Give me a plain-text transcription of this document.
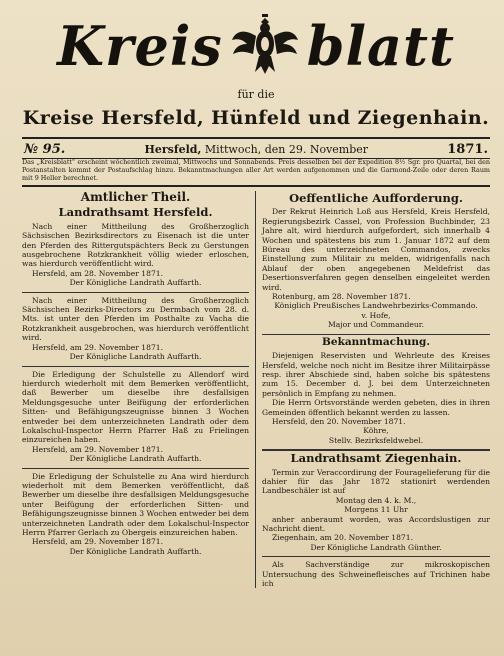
Kreis blatt
für die
Kreise Hersfeld, Hünfeld und Ziegenhain.
№ 95.	Hersfeld, Mittwoch, den 29. November	1871.
Das „Kreisblatt" erscheint wöchentlich zweimal, Mittwochs und Sonnabends. Preis desselben bei der Expedition 8½ Sgr. pro Quartal, bei den Postanstalten kommt der Postaufschlag hinzu. Bekanntmachungen aller Art werden aufgenommen und die Garmond-Zeile oder deren Raum mit 9 Heller berechnet.
Amtlicher Theil.
Landrathsamt Hersfeld.

Nach einer Mittheilung des Großherzoglich Sächsischen Bezirksdirectors zu Eisenach ist die unter den Pferden des Rittergutspächters Beck zu Gerstungen ausgebrochene Rotzkrankheit völlig wieder erloschen, was hierdurch veröffentlicht wird.

Hersfeld, am 28. November 1871.

Der Königliche Landrath Auffarth.

Nach einer Mittheilung des Großherzoglich Sächsischen Bezirks-Directors zu Dermbach vom 28. d. Mts. ist unter den Pferden im Posthalte zu Vacha die Rotzkrankheit ausgebrochen, was hierdurch veröffentlicht wird.

Hersfeld, am 29. November 1871.

Der Königliche Landrath Auffarth.

Die Erledigung der Schulstelle zu Allendorf wird hierdurch wiederholt mit dem Bemerken veröffentlicht, daß Bewerber um dieselbe ihre desfallsigen Meldungsgesuche unter Beifügung der erforderlichen Sitten- und Befähigungszeugnisse binnen 3 Wochen entweder bei dem unterzeichneten Landrath oder dem Lokalschul-Inspector Herrn Pfarrer Haß zu Frielingen einzureichen haben.

Hersfeld, am 29. November 1871.

Der Königliche Landrath Auffarth.

Die Erledigung der Schulstelle zu Ana wird hierdurch wiederholt mit dem Bemerken veröffentlicht, daß Bewerber um dieselbe ihre desfallsigen Meldungsgesuche unter Beifügung der erforderlichen Sitten- und Befähigungszeugnisse binnen 3 Wochen entweder bei dem unterzeichneten Landrath oder dem Lokalschul-Inspector Herrn Pfarrer Gerlach zu Obergeis einzureichen haben.

Hersfeld, am 29. November 1871.

Der Königliche Landrath Auffarth.

Oeffentliche Aufforderung.

Der Rekrut Heinrich Loß aus Hersfeld, Kreis Hersfeld, Regierungsbezirk Cassel, von Profession Buchbinder, 23 Jahre alt, wird hierdurch aufgefordert, sich innerhalb 4 Wochen und spätestens bis zum 1. Januar 1872 auf dem Büreau des unterzeichneten Commandos, zwecks Einstellung zum Militair zu melden, widrigenfalls nach Ablauf der oben angegebenen Meldefrist das Desertionsverfahren gegen denselben eingeleitet werden wird.

Rotenburg, am 28. November 1871.

Königlich Preußisches Landwehrbezirks-Commando.

v. Hofe,

Major und Commandeur.

Bekanntmachung.

Diejenigen Reservisten und Wehrleute des Kreises Hersfeld, welche noch nicht im Besitze ihrer Militairpässe resp. ihrer Abschiede sind, haben solche bis spätestens zum 15. December d. J. bei dem Unterzeichneten persönlich in Empfang zu nehmen.

Die Herrn Ortsvorstände werden gebeten, dies in ihren Gemeinden öffentlich bekannt werden zu lassen.

Hersfeld, den 20. November 1871.

Köhre,

Stellv. Bezirksfeldwebel.

Landrathsamt Ziegenhain.

Termin zur Veraccordirung der Fouragelieferung für die dahier für das Jahr 1872 stationirt werdenden Landbeschäler ist auf

Montag den 4. k. M.,

Morgens 11 Uhr

anher anberaumt worden, was Accordslustigen zur Nachricht dient.

Ziegenhain, am 20. November 1871.

Der Königliche Landrath Günther.

Als Sachverständige zur mikroskopischen Untersuchung des Schweinefleisches auf Trichinen habe ich
